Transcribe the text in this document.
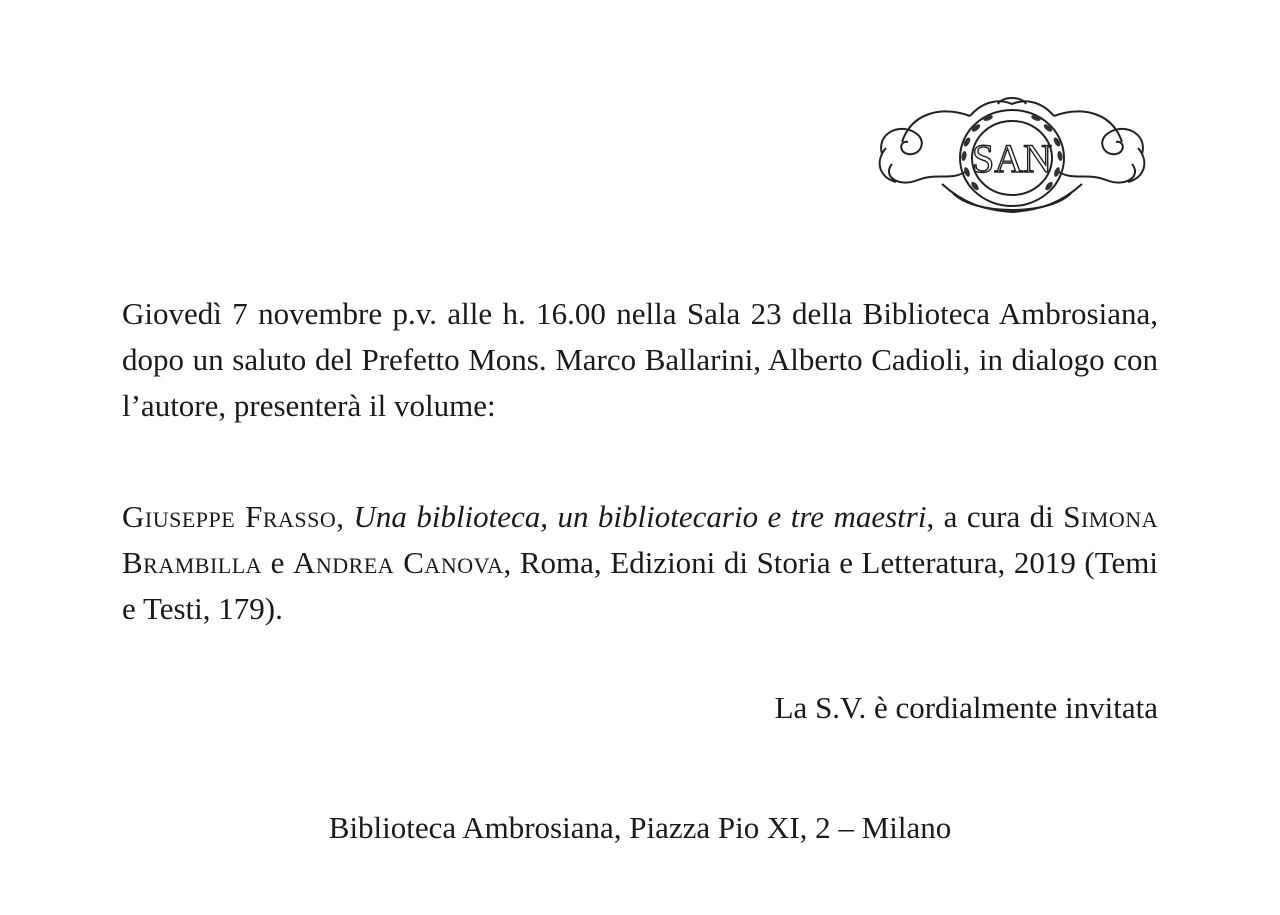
SAN

Giovedì 7 novembre p.v. alle h. 16.00 nella Sala 23 della Biblioteca Ambrosiana, dopo un saluto del Prefetto Mons. Marco Ballarini, Alberto Cadioli, in dialogo con l’autore, presenterà il volume:

Giuseppe Frasso, Una biblioteca, un bibliotecario e tre maestri, a cura di Simona Brambilla e Andrea Canova, Roma, Edizioni di Storia e Letteratura, 2019 (Temi e Testi, 179).

La S.V. è cordialmente invitata

Biblioteca Ambrosiana, Piazza Pio XI, 2 – Milano
